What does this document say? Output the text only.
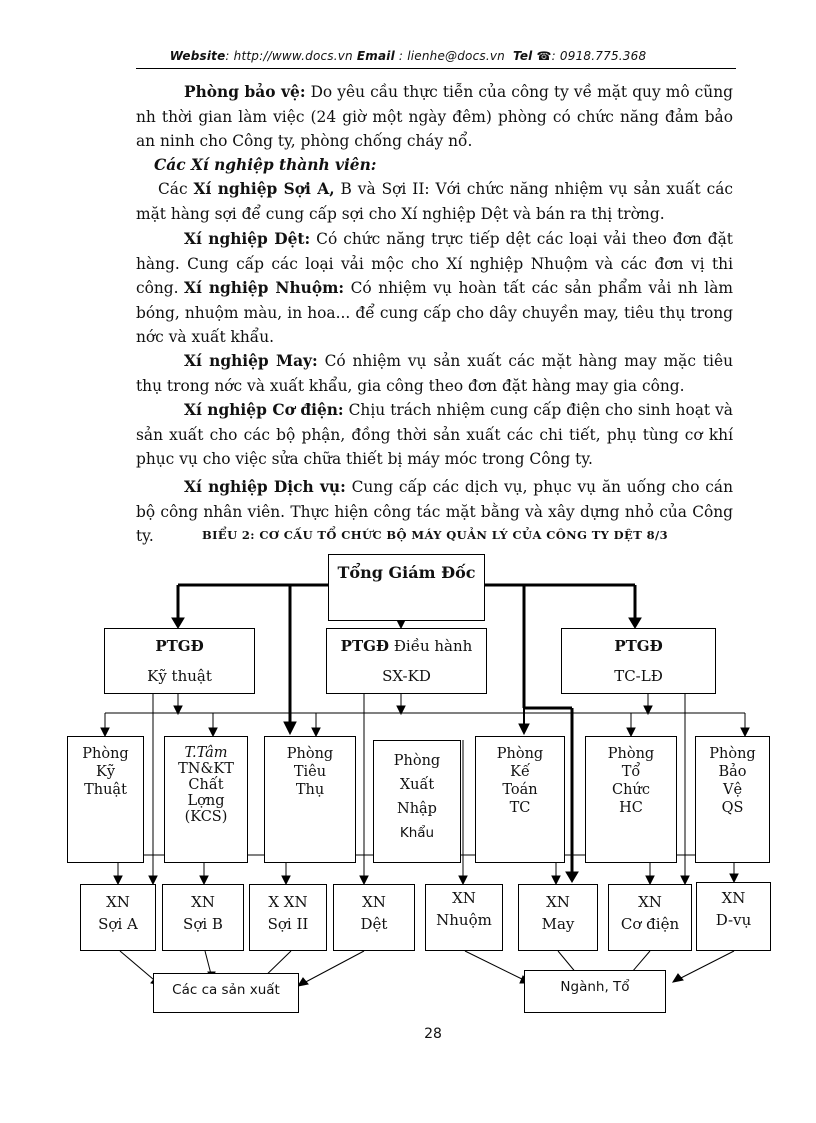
Website: http://www.docs.vn Email : lienhe@docs.vn Tel ☎: 0918.775.368

Phòng bảo vệ: Do yêu cầu thực tiễn của công ty về mặt quy mô cũng nh thời gian làm việc (24 giờ một ngày đêm) phòng có chức năng đảm bảo an ninh cho Công ty, phòng chống cháy nổ.

Các Xí nghiệp thành viên:

Các Xí nghiệp Sợi A, B và Sợi II: Với chức năng nhiệm vụ sản xuất các mặt hàng sợi để cung cấp sợi cho Xí nghiệp Dệt và bán ra thị trờng.

Xí nghiệp Dệt: Có chức năng trực tiếp dệt các loại vải theo đơn đặt hàng. Cung cấp các loại vải mộc cho Xí nghiệp Nhuộm và các đơn vị thi công. Xí nghiệp Nhuộm: Có nhiệm vụ hoàn tất các sản phẩm vải nh làm bóng, nhuộm màu, in hoa... để cung cấp cho dây chuyền may, tiêu thụ trong nớc và xuất khẩu.

Xí nghiệp May: Có nhiệm vụ sản xuất các mặt hàng may mặc tiêu thụ trong nớc và xuất khẩu, gia công theo đơn đặt hàng may gia công.

Xí nghiệp Cơ điện: Chịu trách nhiệm cung cấp điện cho sinh hoạt và sản xuất cho các bộ phận, đồng thời sản xuất các chi tiết, phụ tùng cơ khí phục vụ cho việc sửa chữa thiết bị máy móc trong Công ty.

Xí nghiệp Dịch vụ: Cung cấp các dịch vụ, phục vụ ăn uống cho cán bộ công nhân viên. Thực hiện công tác mặt bằng và xây dựng nhỏ của Công ty.	BIỂU 2: CƠ CẤU TỔ CHỨC BỘ MÁY QUẢN LÝ CỦA CÔNG TY DỆT 8/3
Tổng Giám Đốc
PTGĐ
Kỹ thuật
PTGĐ Điều hành
SX-KD
PTGĐ
TC-LĐ
Phòng
Kỹ
Thuật
T.Tâm
TN&KT
Chất
Lợng
(KCS)
Phòng
Tiêu
Thụ
Phòng
Xuất
Nhập
Khẩu
Phòng
Kế
Toán
TC
Phòng
Tổ
Chức
HC
Phòng
Bảo
Vệ
QS
XN
Sợi A
XN
Sợi B
X XN
Sợi II
XN
Dệt
XN
Nhuộm
XN
May
XN
Cơ điện
XN
D-vụ
Các ca sản xuất	Ngành, Tổ
28
